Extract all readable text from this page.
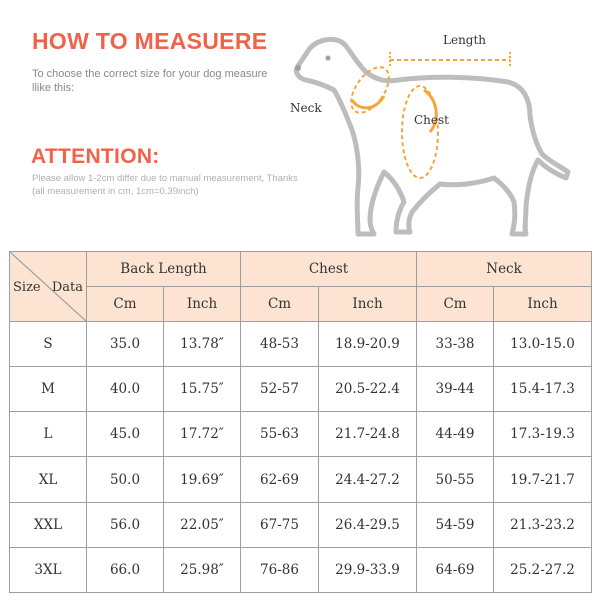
HOW TO MEASUERE
To choose the correct size for your dog measure llike this:
ATTENTION:
Please allow 1-2cm differ due to manual measurement, Thanks (all measurement in cm, 1cm=0.39inch)
Length
Neck
Chest
Size Data	Back Length		Chest		Neck	
	Cm	Inch	Cm	Inch	Cm	Inch
S	35.0	13.78″	48-53	18.9-20.9	33-38	13.0-15.0
M	40.0	15.75″	52-57	20.5-22.4	39-44	15.4-17.3
L	45.0	17.72″	55-63	21.7-24.8	44-49	17.3-19.3
XL	50.0	19.69″	62-69	24.4-27.2	50-55	19.7-21.7
XXL	56.0	22.05″	67-75	26.4-29.5	54-59	21.3-23.2
3XL	66.0	25.98″	76-86	29.9-33.9	64-69	25.2-27.2
